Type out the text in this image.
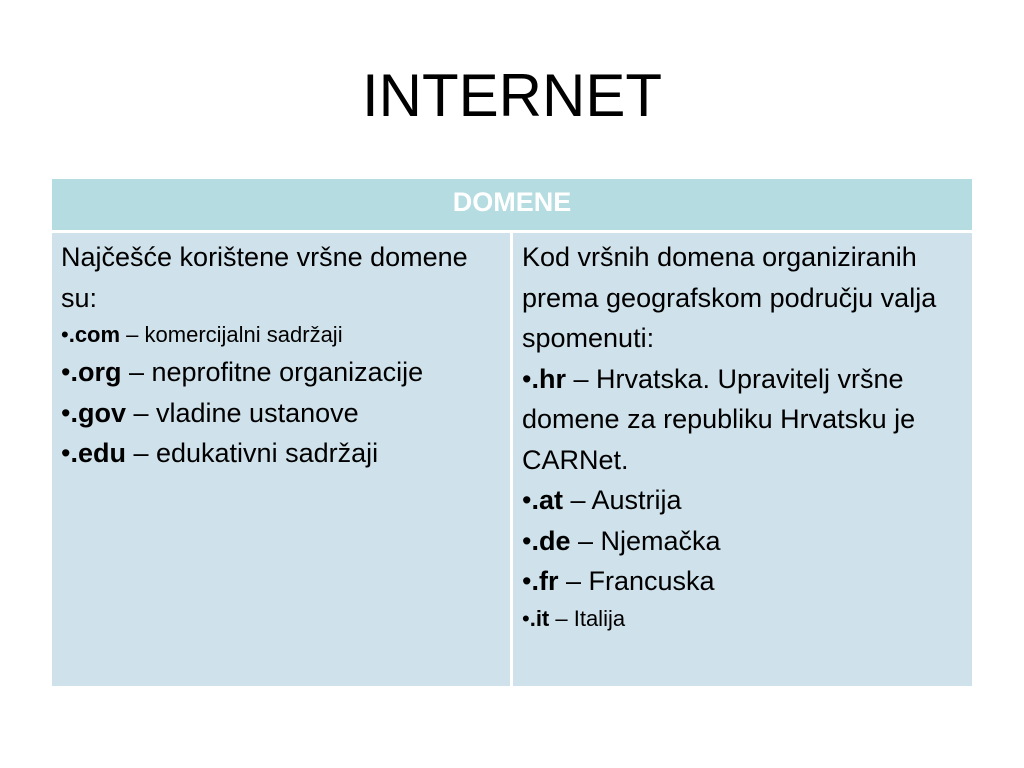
INTERNET
DOMENE

Najčešće korištene vršne domene su:

•.com – komercijalni sadržaji

•.org – neprofitne organizacije

•.gov – vladine ustanove

•.edu – edukativni sadržaji

Kod vršnih domena organiziranih prema geografskom području valja spomenuti:

•.hr – Hrvatska. Upravitelj vršne domene za republiku Hrvatsku je CARNet.

•.at – Austrija

•.de – Njemačka

•.fr – Francuska

•.it – Italija
